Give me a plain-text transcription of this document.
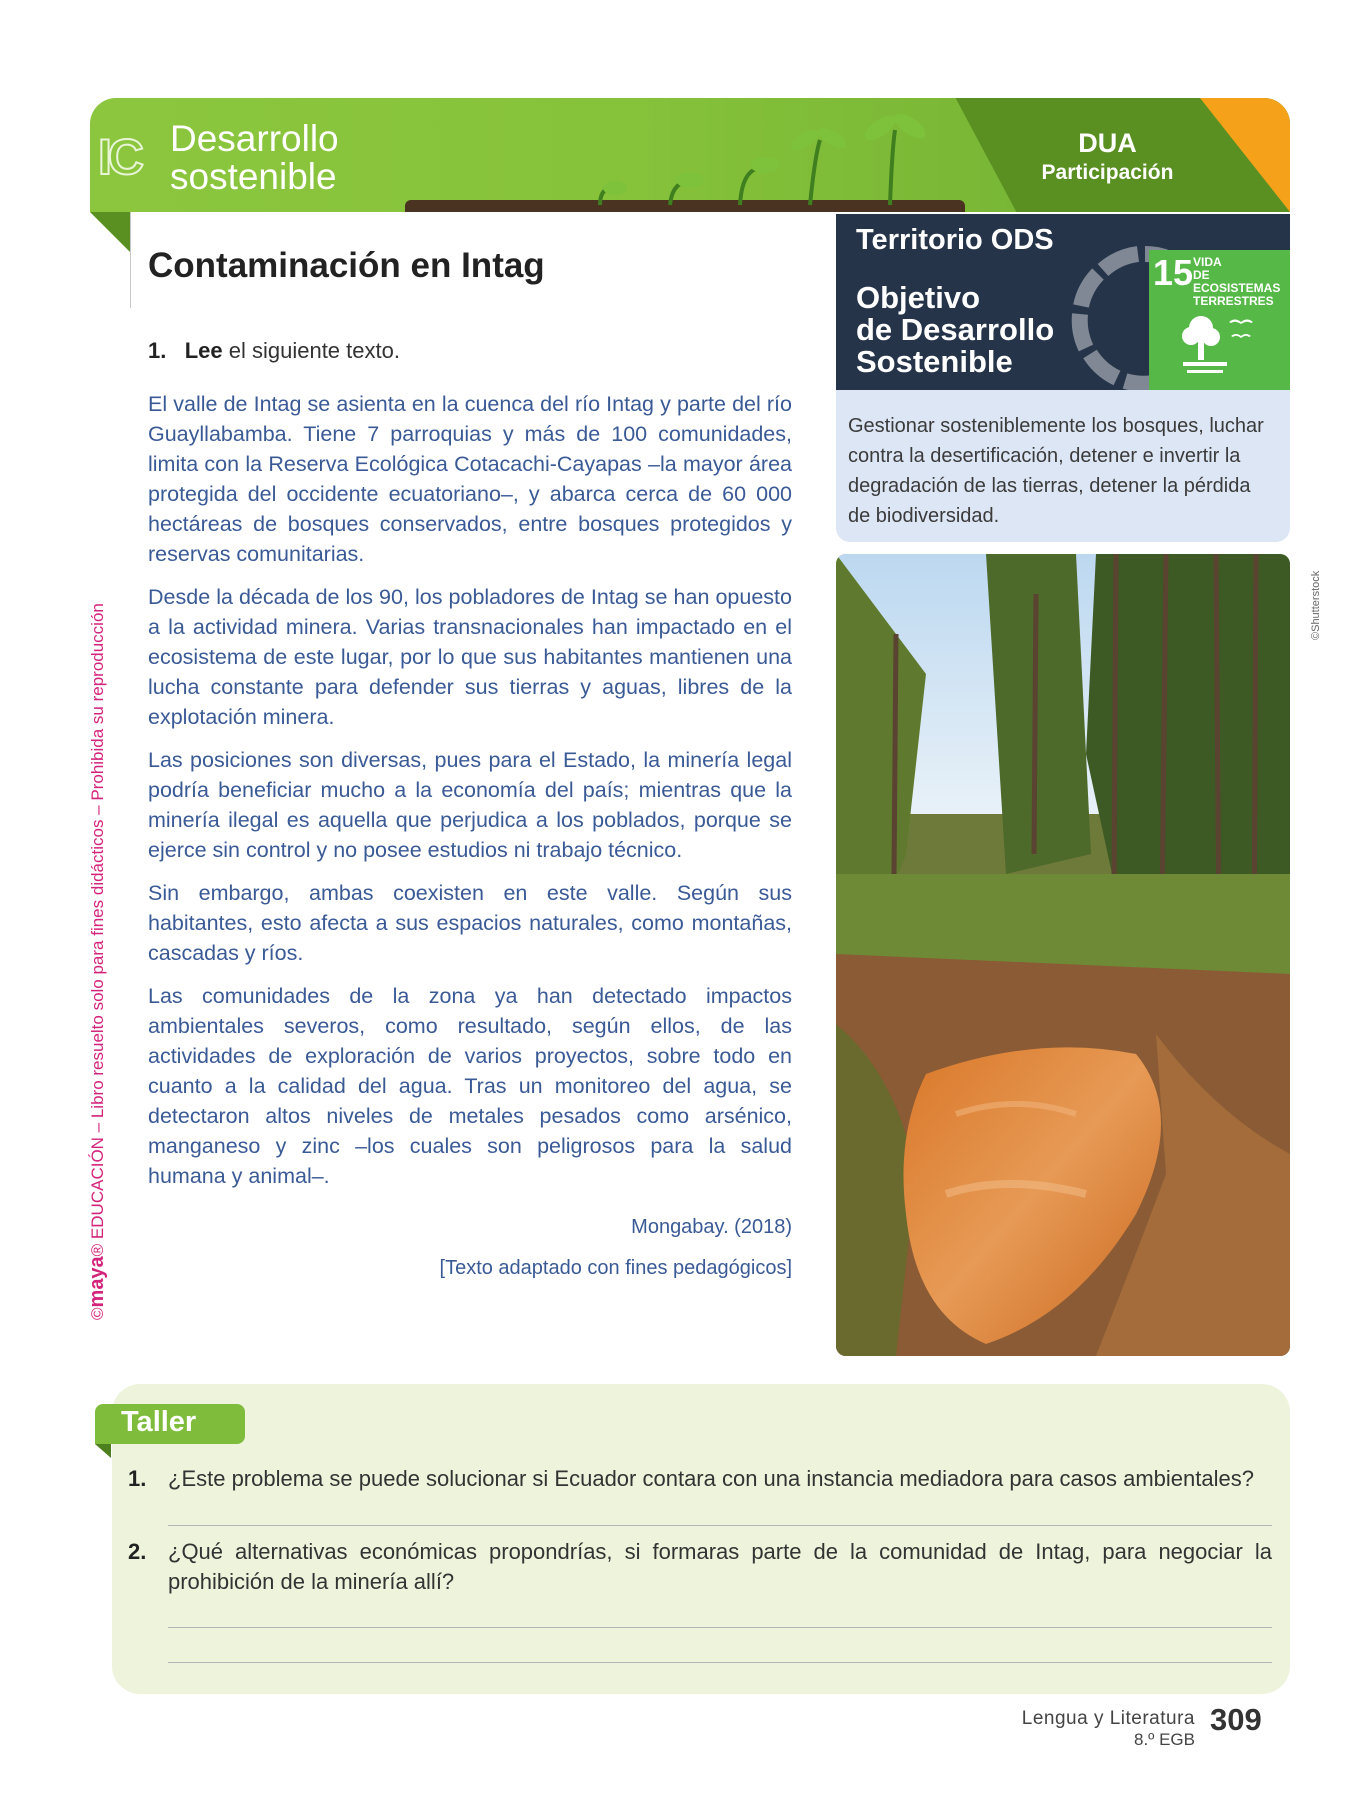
IC Desarrollo
sostenible
DUA
Participación
Contaminación en Intag
1. Lee el siguiente texto.

El valle de Intag se asienta en la cuenca del río Intag y parte del río Guayllabamba. Tiene 7 parroquias y más de 100 comunidades, limita con la Reserva Ecológica Cotacachi-Cayapas –la mayor área protegida del occidente ecuatoriano–, y abarca cerca de 60 000 hectáreas de bosques conservados, entre bosques protegidos y reservas comunitarias.

Desde la década de los 90, los pobladores de Intag se han opuesto a la actividad minera. Varias transnacionales han impactado en el ecosistema de este lugar, por lo que sus habitantes mantienen una lucha constante para defender sus tierras y aguas, libres de la explotación minera.

Las posiciones son diversas, pues para el Estado, la minería legal podría beneficiar mucho a la economía del país; mientras que la minería ilegal es aquella que perjudica a los poblados, porque se ejerce sin control y no posee estudios ni trabajo técnico.

Sin embargo, ambas coexisten en este valle. Según sus habitantes, esto afecta a sus espacios naturales, como montañas, cascadas y ríos.

Las comunidades de la zona ya han detectado impactos ambientales severos, como resultado, según ellos, de las actividades de exploración de varios proyectos, sobre todo en cuanto a la calidad del agua. Tras un monitoreo del agua, se detectaron altos niveles de metales pesados como arsénico, manganeso y zinc –los cuales son peligrosos para la salud humana y animal–.

Mongabay. (2018)
[Texto adaptado con fines pedagógicos]
©maya® EDUCACIÓN – Libro resuelto solo para fines didácticos – Prohibida su reproducción
Territorio ODS
Objetivo
de Desarrollo
Sostenible
15 VIDA
DE ECOSISTEMAS
TERRESTRES
Gestionar sosteniblemente los bosques, luchar contra la desertificación, detener e invertir la degradación de las tierras, detener la pérdida de biodiversidad.
©Shutterstock
Taller
1. ¿Este problema se puede solucionar si Ecuador contara con una instancia mediadora para casos ambientales?
2. ¿Qué alternativas económicas propondrías, si formaras parte de la comunidad de Intag, para negociar la prohibición de la minería allí?
Lengua y Literatura
8.º EGB
309
